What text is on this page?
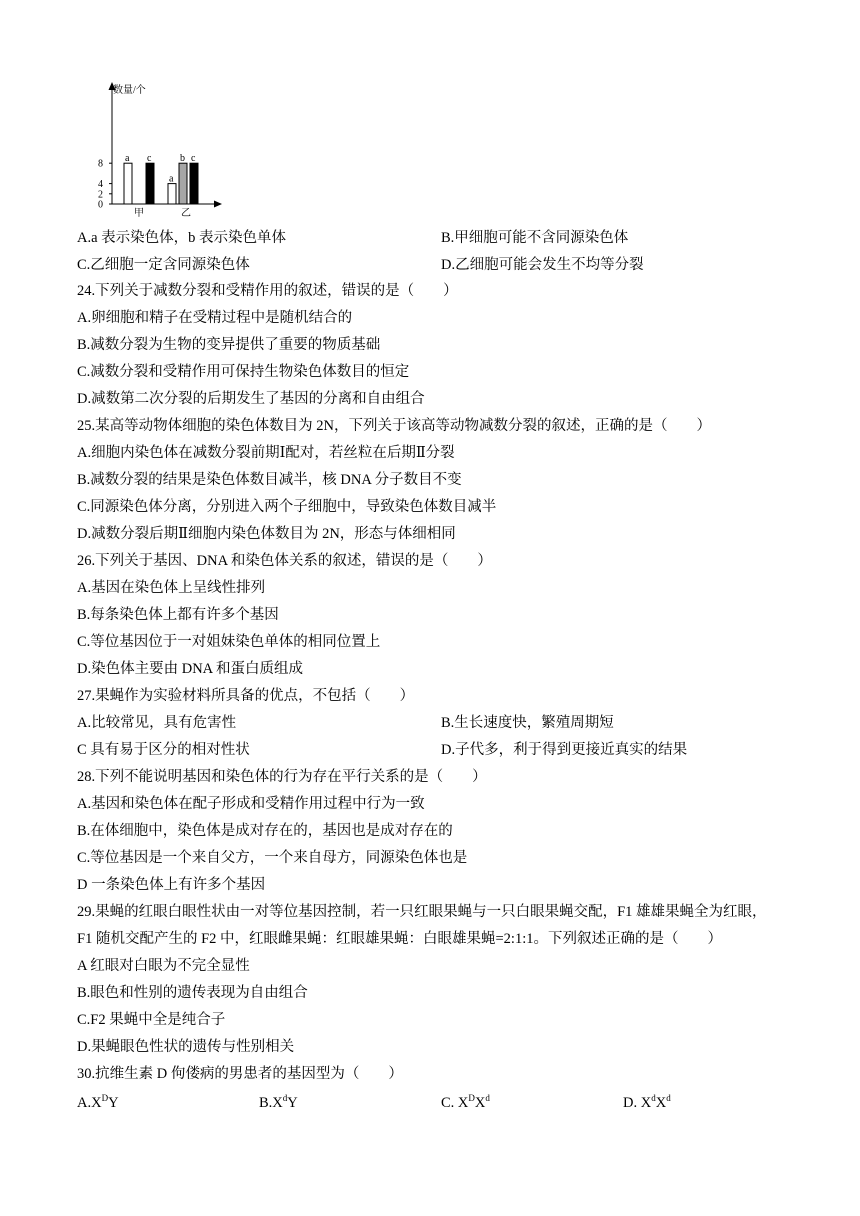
数量/个
0
2
4
8 a c
a
b c
甲	乙
A.a 表示染色体，b 表示染色单体	B.甲细胞可能不含同源染色体
C.乙细胞一定含同源染色体	D.乙细胞可能会发生不均等分裂
24.下列关于减数分裂和受精作用的叙述，错误的是（　　）
A.卵细胞和精子在受精过程中是随机结合的
B.减数分裂为生物的变异提供了重要的物质基础
C.减数分裂和受精作用可保持生物染色体数目的恒定
D.减数第二次分裂的后期发生了基因的分离和自由组合
25.某高等动物体细胞的染色体数目为 2N，下列关于该高等动物减数分裂的叙述，正确的是（　　）
A.细胞内染色体在减数分裂前期Ⅰ配对，若丝粒在后期Ⅱ分裂
B.减数分裂的结果是染色体数目减半，核 DNA 分子数目不变
C.同源染色体分离，分别进入两个子细胞中，导致染色体数目减半
D.减数分裂后期Ⅱ细胞内染色体数目为 2N，形态与体细相同
26.下列关于基因、DNA 和染色体关系的叙述，错误的是（　　）
A.基因在染色体上呈线性排列
B.每条染色体上都有许多个基因
C.等位基因位于一对姐妹染色单体的相同位置上
D.染色体主要由 DNA 和蛋白质组成
27.果蝇作为实验材料所具备的优点，不包括（　　）
A.比较常见，具有危害性	B.生长速度快，繁殖周期短
C 具有易于区分的相对性状	D.子代多，利于得到更接近真实的结果
28.下列不能说明基因和染色体的行为存在平行关系的是（　　）
A.基因和染色体在配子形成和受精作用过程中行为一致
B.在体细胞中，染色体是成对存在的，基因也是成对存在的
C.等位基因是一个来自父方，一个来自母方，同源染色体也是
D 一条染色体上有许多个基因
29.果蝇的红眼白眼性状由一对等位基因控制，若一只红眼果蝇与一只白眼果蝇交配，F1 雄雄果蝇全为红眼，
F1 随机交配产生的 F2 中，红眼雌果蝇：红眼雄果蝇：白眼雄果蝇=2:1:1。下列叙述正确的是（　　）
A 红眼对白眼为不完全显性
B.眼色和性别的遗传表现为自由组合
C.F2 果蝇中全是纯合子
D.果蝇眼色性状的遗传与性别相关
30.抗维生素 D 佝偻病的男患者的基因型为（　　）
$A.X^DY$	$B.X^dY$	C. $X^DX^d$	D. $X^dX^d$
